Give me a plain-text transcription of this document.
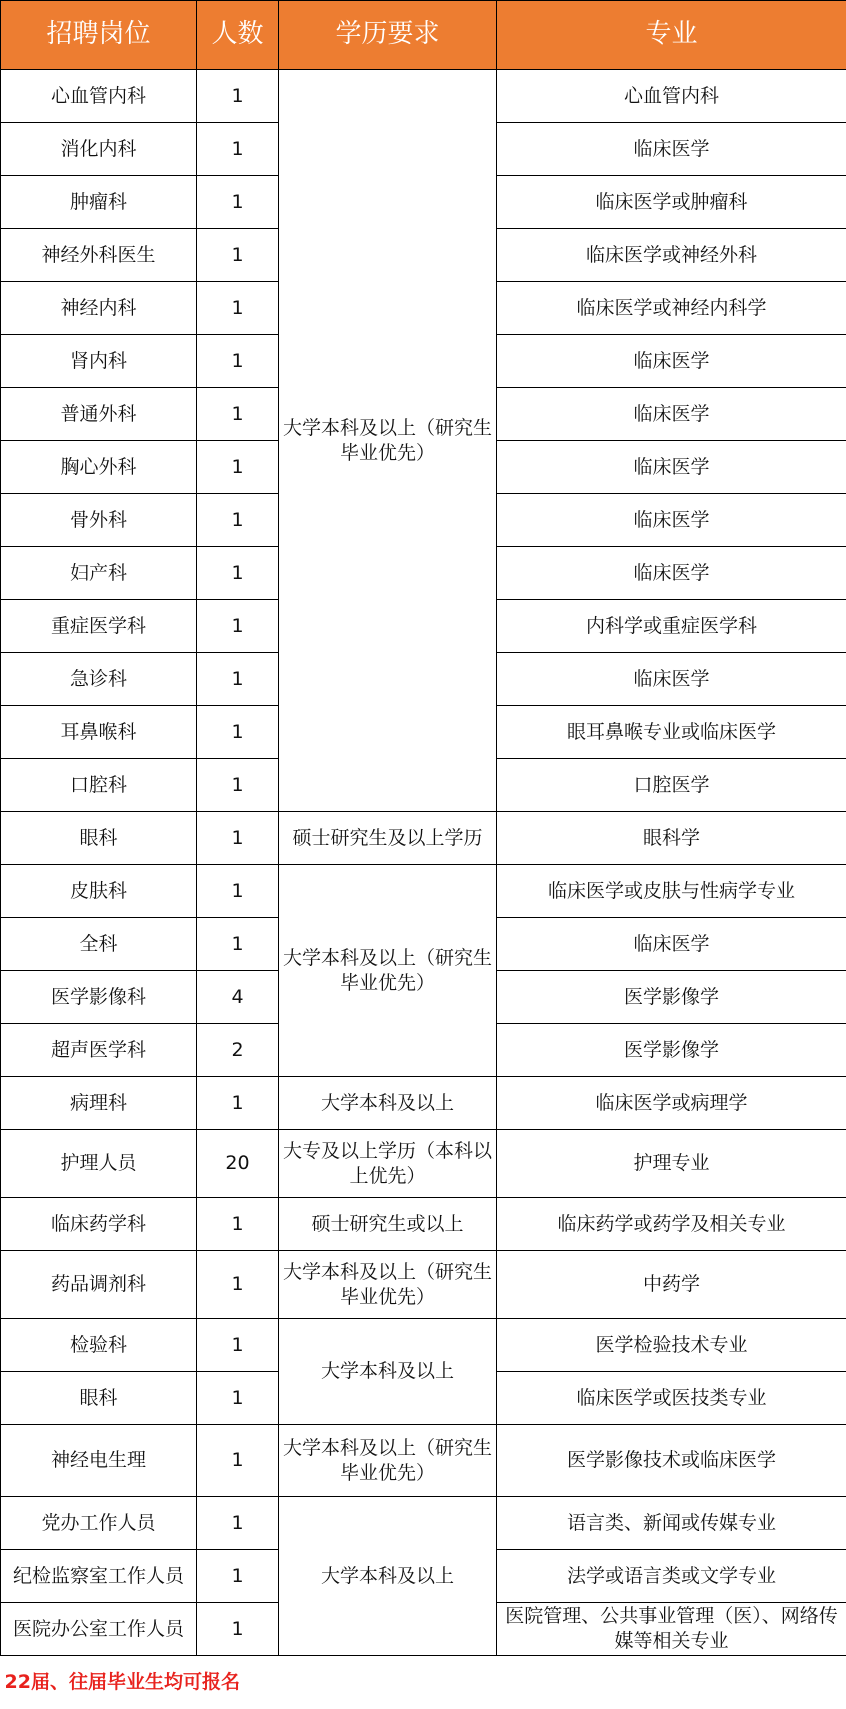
招聘岗位	人数	学历要求	专业
心血管内科	1	大学本科及以上（研究生毕业优先）	心血管内科
消化内科	1		临床医学
肿瘤科	1		临床医学或肿瘤科
神经外科医生	1		临床医学或神经外科
神经内科	1		临床医学或神经内科学
肾内科	1		临床医学
普通外科	1		临床医学
胸心外科	1		临床医学
骨外科	1		临床医学
妇产科	1		临床医学
重症医学科	1		内科学或重症医学科
急诊科	1		临床医学
耳鼻喉科	1		眼耳鼻喉专业或临床医学
口腔科	1		口腔医学
眼科	1	硕士研究生及以上学历	眼科学
皮肤科	1	大学本科及以上（研究生毕业优先）	临床医学或皮肤与性病学专业
全科	1		临床医学
医学影像科	4		医学影像学
超声医学科	2		医学影像学
病理科	1	大学本科及以上	临床医学或病理学
护理人员	20	大专及以上学历（本科以上优先）	护理专业
临床药学科	1	硕士研究生或以上	临床药学或药学及相关专业
药品调剂科	1	大学本科及以上（研究生毕业优先）	中药学
检验科	1	大学本科及以上	医学检验技术专业
眼科	1		临床医学或医技类专业
神经电生理	1	大学本科及以上（研究生毕业优先）	医学影像技术或临床医学
党办工作人员	1	大学本科及以上	语言类、新闻或传媒专业
纪检监察室工作人员	1		法学或语言类或文学专业
医院办公室工作人员	1		医院管理、公共事业管理（医）、网络传媒等相关专业
22届、往届毕业生均可报名			
